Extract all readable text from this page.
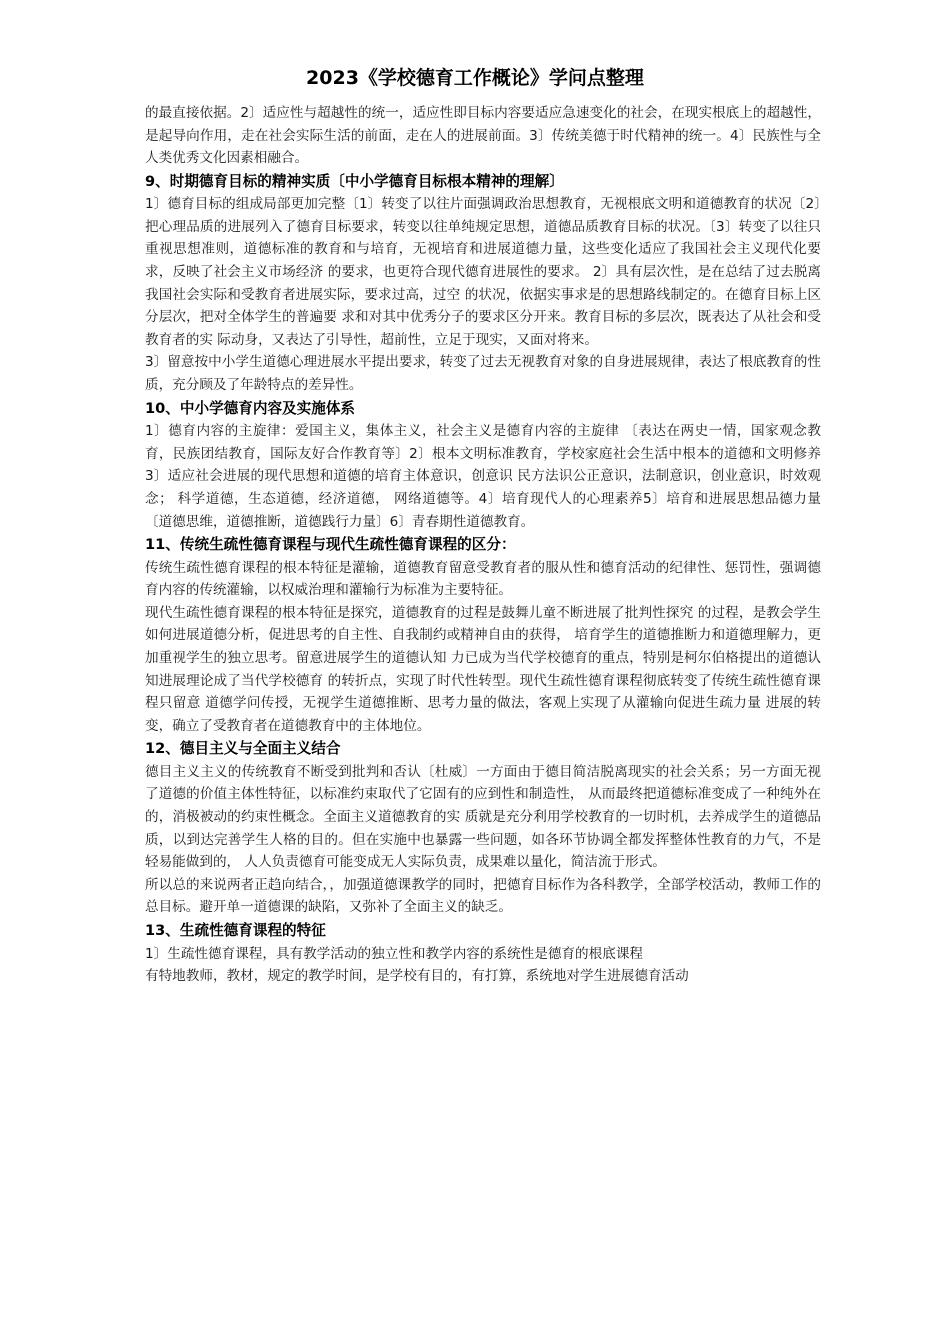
2023《学校德育工作概论》学问点整理

的最直接依据。2〕适应性与超越性的统一，适应性即目标内容要适应急速变化的社会，在现实根底上的超越性，是起导向作用，走在社会实际生活的前面，走在人的进展前面。3〕传统美德于时代精神的统一。4〕民族性与全人类优秀文化因素相融合。

9、时期德育目标的精神实质〔中小学德育目标根本精神的理解〕

1〕德育目标的组成局部更加完整〔1〕转变了以往片面强调政治思想教育，无视根底文明和道德教育的状况〔2〕把心理品质的进展列入了德育目标要求，转变以往单纯规定思想，道德品质教育目标的状况。〔3〕转变了以往只重视思想准则，道德标准的教育和与培育，无视培育和进展道德力量，这些变化适应了我国社会主义现代化要求，反映了社会主义市场经济 的要求，也更符合现代德育进展性的要求。 2〕具有层次性，是在总结了过去脱离我国社会实际和受教育者进展实际，要求过高，过空 的状况，依据实事求是的思想路线制定的。在德育目标上区分层次，把对全体学生的普遍要 求和对其中优秀分子的要求区分开来。教育目标的多层次，既表达了从社会和受教育者的实 际动身，又表达了引导性，超前性，立足于现实，又面对将来。

3〕留意按中小学生道德心理进展水平提出要求，转变了过去无视教育对象的自身进展规律，表达了根底教育的性质，充分顾及了年龄特点的差异性。

10、中小学德育内容及实施体系

1〕德育内容的主旋律：爱国主义，集体主义，社会主义是德育内容的主旋律 〔表达在两史一情，国家观念教育，民族团结教育，国际友好合作教育等〕2〕根本文明标准教育，学校家庭社会生活中根本的道德和文明修养3〕适应社会进展的现代思想和道德的培育主体意识，创意识 民方法识公正意识，法制意识，创业意识，时效观念； 科学道德，生态道德，经济道德， 网络道德等。4〕培育现代人的心理素养5〕培育和进展思想品德力量〔道德思维，道德推断，道德践行力量〕6〕青春期性道德教育。

11、传统生疏性德育课程与现代生疏性德育课程的区分：

传统生疏性德育课程的根本特征是灌输，道德教育留意受教育者的服从性和德育活动的纪律性、惩罚性，强调德育内容的传统灌输，以权威治理和灌输行为标准为主要特征。

现代生疏性德育课程的根本特征是探究，道德教育的过程是鼓舞儿童不断进展了批判性探究 的过程，是教会学生如何进展道德分析，促进思考的自主性、自我制约或精神自由的获得， 培育学生的道德推断力和道德理解力，更加重视学生的独立思考。留意进展学生的道德认知 力已成为当代学校德育的重点，特别是柯尔伯格提出的道德认知进展理论成了当代学校德育 的转折点，实现了时代性转型。现代生疏性德育课程彻底转变了传统生疏性德育课程只留意 道德学问传授，无视学生道德推断、思考力量的做法，客观上实现了从灌输向促进生疏力量 进展的转变，确立了受教育者在道德教育中的主体地位。

12、德目主义与全面主义结合

德目主义主义的传统教育不断受到批判和否认〔杜威〕一方面由于德目简洁脱离现实的社会关系；另一方面无视了道德的价值主体性特征，以标准约束取代了它固有的应到性和制造性， 从而最终把道德标准变成了一种纯外在的，消极被动的约束性概念。全面主义道德教育的实 质就是充分利用学校教育的一切时机，去养成学生的道德品质，以到达完善学生人格的目的。但在实施中也暴露一些问题，如各环节协调全都发挥整体性教育的力气，不是轻易能做到的， 人人负责德育可能变成无人实际负责，成果难以量化，简洁流于形式。

所以总的来说两者正趋向结合，，加强道德课教学的同时，把德育目标作为各科教学，全部学校活动，教师工作的总目标。避开单一道德课的缺陷，又弥补了全面主义的缺乏。

13、生疏性德育课程的特征

1〕生疏性德育课程，具有教学活动的独立性和教学内容的系统性是德育的根底课程

有特地教师，教材，规定的教学时间，是学校有目的，有打算，系统地对学生进展德育活动
